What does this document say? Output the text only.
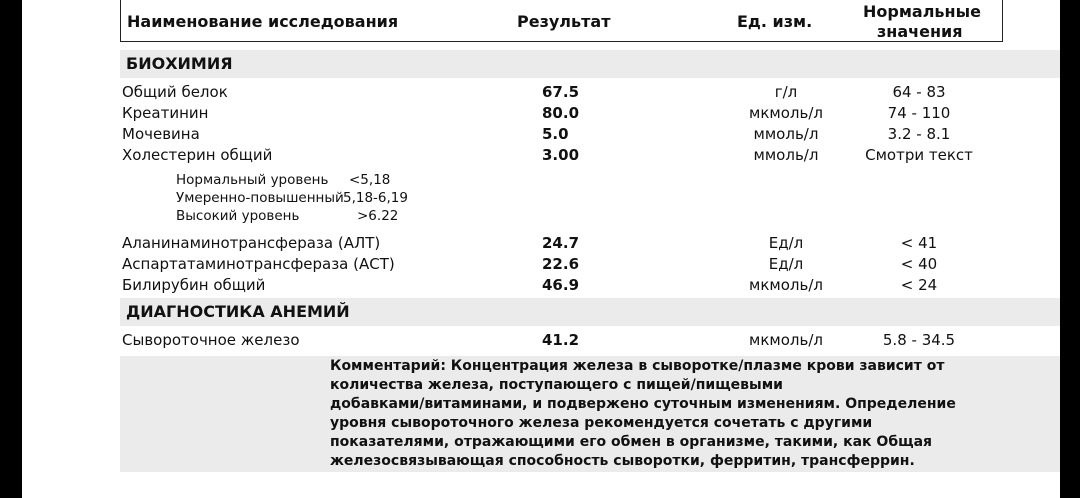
Наименование исследования	Результат	Ед. изм.
Нормальные
значения
БИОХИМИЯ
Общий белок	67.5	г/л	64 - 83
Креатинин	80.0	мкмоль/л	74 - 110
Мочевина	5.0	ммоль/л	3.2 - 8.1
Холестерин общий	3.00	ммоль/л	Смотри текст
Нормальный уровень <5,18
Умеренно-повышенный 5,18-6,19
Высокий уровень	>6.22
Аланинаминотрансфераза (АЛТ)	24.7	Ед/л	< 41
Аспартатаминотрансфераза (АСТ)	22.6	Ед/л	< 40
Билирубин общий	46.9	мкмоль/л	< 24
ДИАГНОСТИКА АНЕМИЙ
Сывороточное железо	41.2	мкмоль/л	5.8 - 34.5
Комментарий: Концентрация железа в сыворотке/плазме крови зависит от
количества железа, поступающего с пищей/пищевыми
добавками/витаминами, и подвержено суточным изменениям. Определение
уровня сывороточного железа рекомендуется сочетать с другими
показателями, отражающими его обмен в организме, такими, как Общая
железосвязывающая способность сыворотки, ферритин, трансферрин.
